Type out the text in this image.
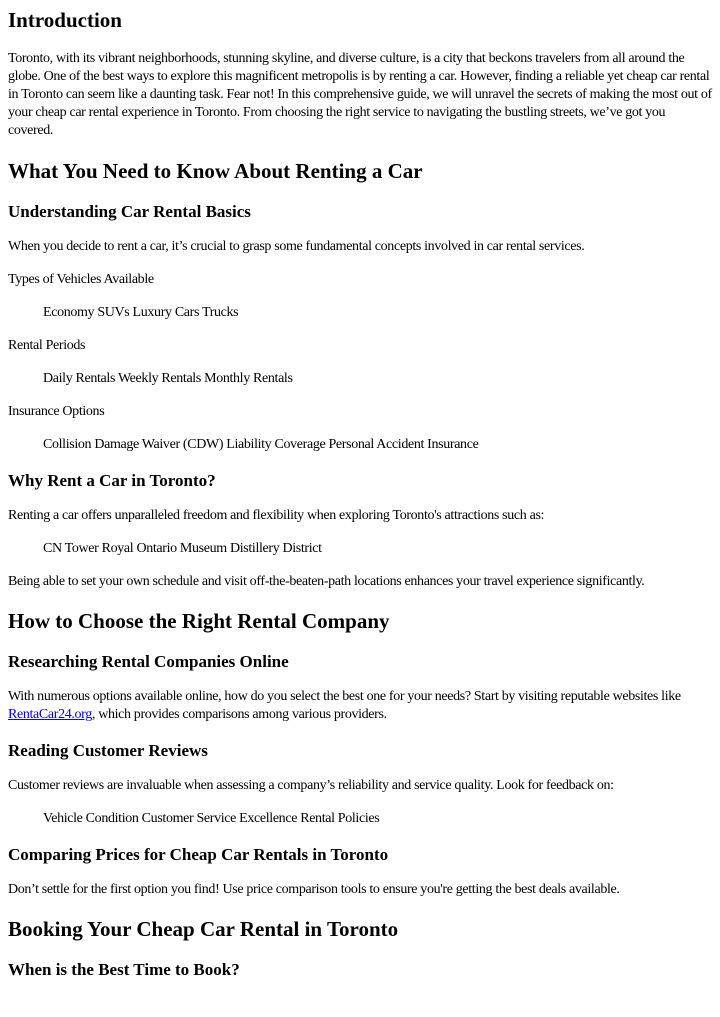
Introduction

Toronto, with its vibrant neighborhoods, stunning skyline, and diverse culture, is a city that beckons travelers from all around the globe. One of the best ways to explore this magnificent metropolis is by renting a car. However, finding a reliable yet cheap car rental in Toronto can seem like a daunting task. Fear not! In this comprehensive guide, we will unravel the secrets of making the most out of your cheap car rental experience in Toronto. From choosing the right service to navigating the bustling streets, we’ve got you covered.

What You Need to Know About Renting a Car
Understanding Car Rental Basics

When you decide to rent a car, it’s crucial to grasp some fundamental concepts involved in car rental services.

Types of Vehicles Available

Economy SUVs Luxury Cars Trucks

Rental Periods

Daily Rentals Weekly Rentals Monthly Rentals

Insurance Options

Collision Damage Waiver (CDW) Liability Coverage Personal Accident Insurance

Why Rent a Car in Toronto?

Renting a car offers unparalleled freedom and flexibility when exploring Toronto's attractions such as:

CN Tower Royal Ontario Museum Distillery District

Being able to set your own schedule and visit off-the-beaten-path locations enhances your travel experience significantly.

How to Choose the Right Rental Company
Researching Rental Companies Online

With numerous options available online, how do you select the best one for your needs? Start by visiting reputable websites like RentaCar24.org, which provides comparisons among various providers.

Reading Customer Reviews

Customer reviews are invaluable when assessing a company’s reliability and service quality. Look for feedback on:

Vehicle Condition Customer Service Excellence Rental Policies

Comparing Prices for Cheap Car Rentals in Toronto

Don’t settle for the first option you find! Use price comparison tools to ensure you're getting the best deals available.

Booking Your Cheap Car Rental in Toronto
When is the Best Time to Book?
